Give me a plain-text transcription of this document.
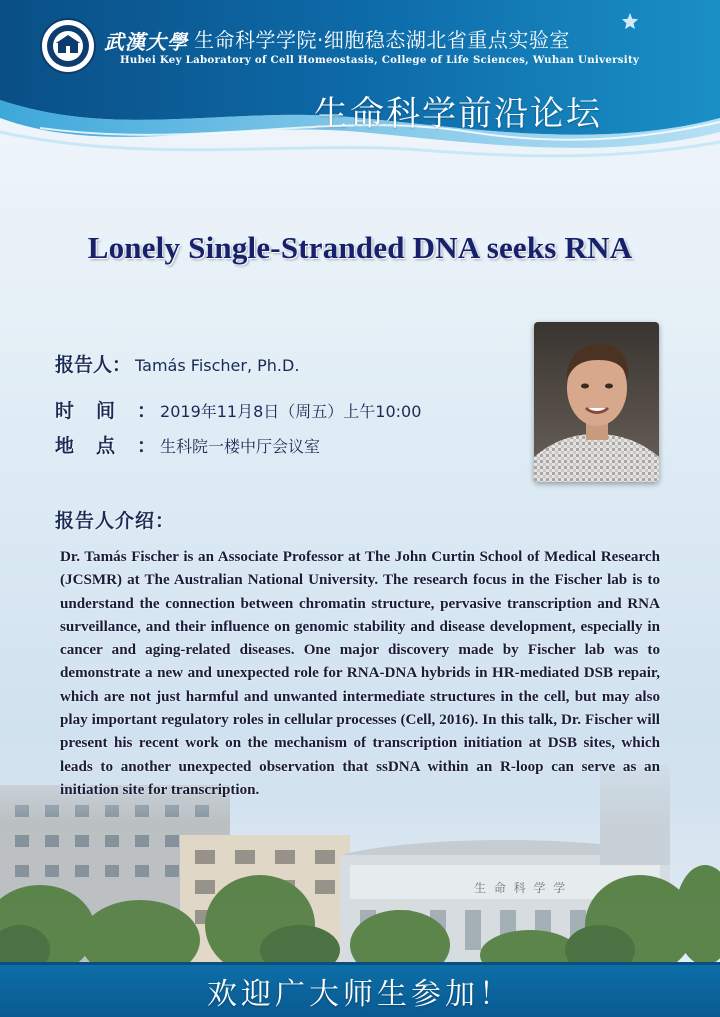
武漢大學 生命科学学院·细胞稳态湖北省重点实验室
Hubei Key Laboratory of Cell Homeostasis, College of Life Sciences, Wuhan University
生命科学前沿论坛
Lonely Single-Stranded DNA seeks RNA
报告人 ： Tamás Fischer, Ph.D.
时间 ： 2019年11月8日（周五）上午10:00
地点 ： 生科院一楼中厅会议室
报告人介绍：
生 命 科 学 学
Dr. Tamás Fischer is an Associate Professor at The John Curtin School of Medical Research (JCSMR) at The Australian National University. The research focus in the Fischer lab is to understand the connection between chromatin structure, pervasive transcription and RNA surveillance, and their influence on genomic stability and disease development, especially in cancer and aging-related diseases. One major discovery made by Fischer lab was to demonstrate a new and unexpected role for RNA-DNA hybrids in HR-mediated DSB repair, which are not just harmful and unwanted intermediate structures in the cell, but may also play important regulatory roles in cellular processes (Cell, 2016). In this talk, Dr. Fischer will present his recent work on the mechanism of transcription initiation at DSB sites, which leads to another unexpected observation that ssDNA within an R-loop can serve as an initiation site for transcription.
欢迎广大师生参加！
